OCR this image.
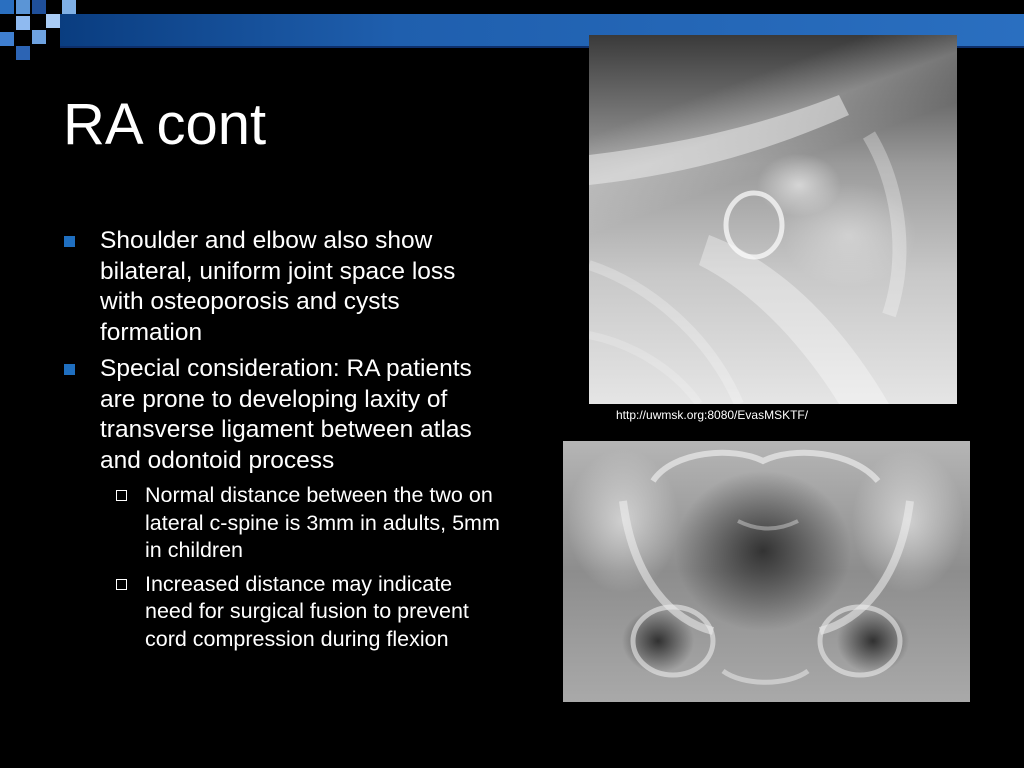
RA cont
Shoulder and elbow also show bilateral, uniform joint space loss with osteoporosis and cysts formation
Special consideration: RA patients are prone to developing laxity of transverse ligament between atlas and odontoid process
Normal distance between the two on lateral c-spine is 3mm in adults, 5mm in children
Increased distance may indicate need for surgical fusion to prevent cord compression during flexion
http://uwmsk.org:8080/EvasMSKTF/
